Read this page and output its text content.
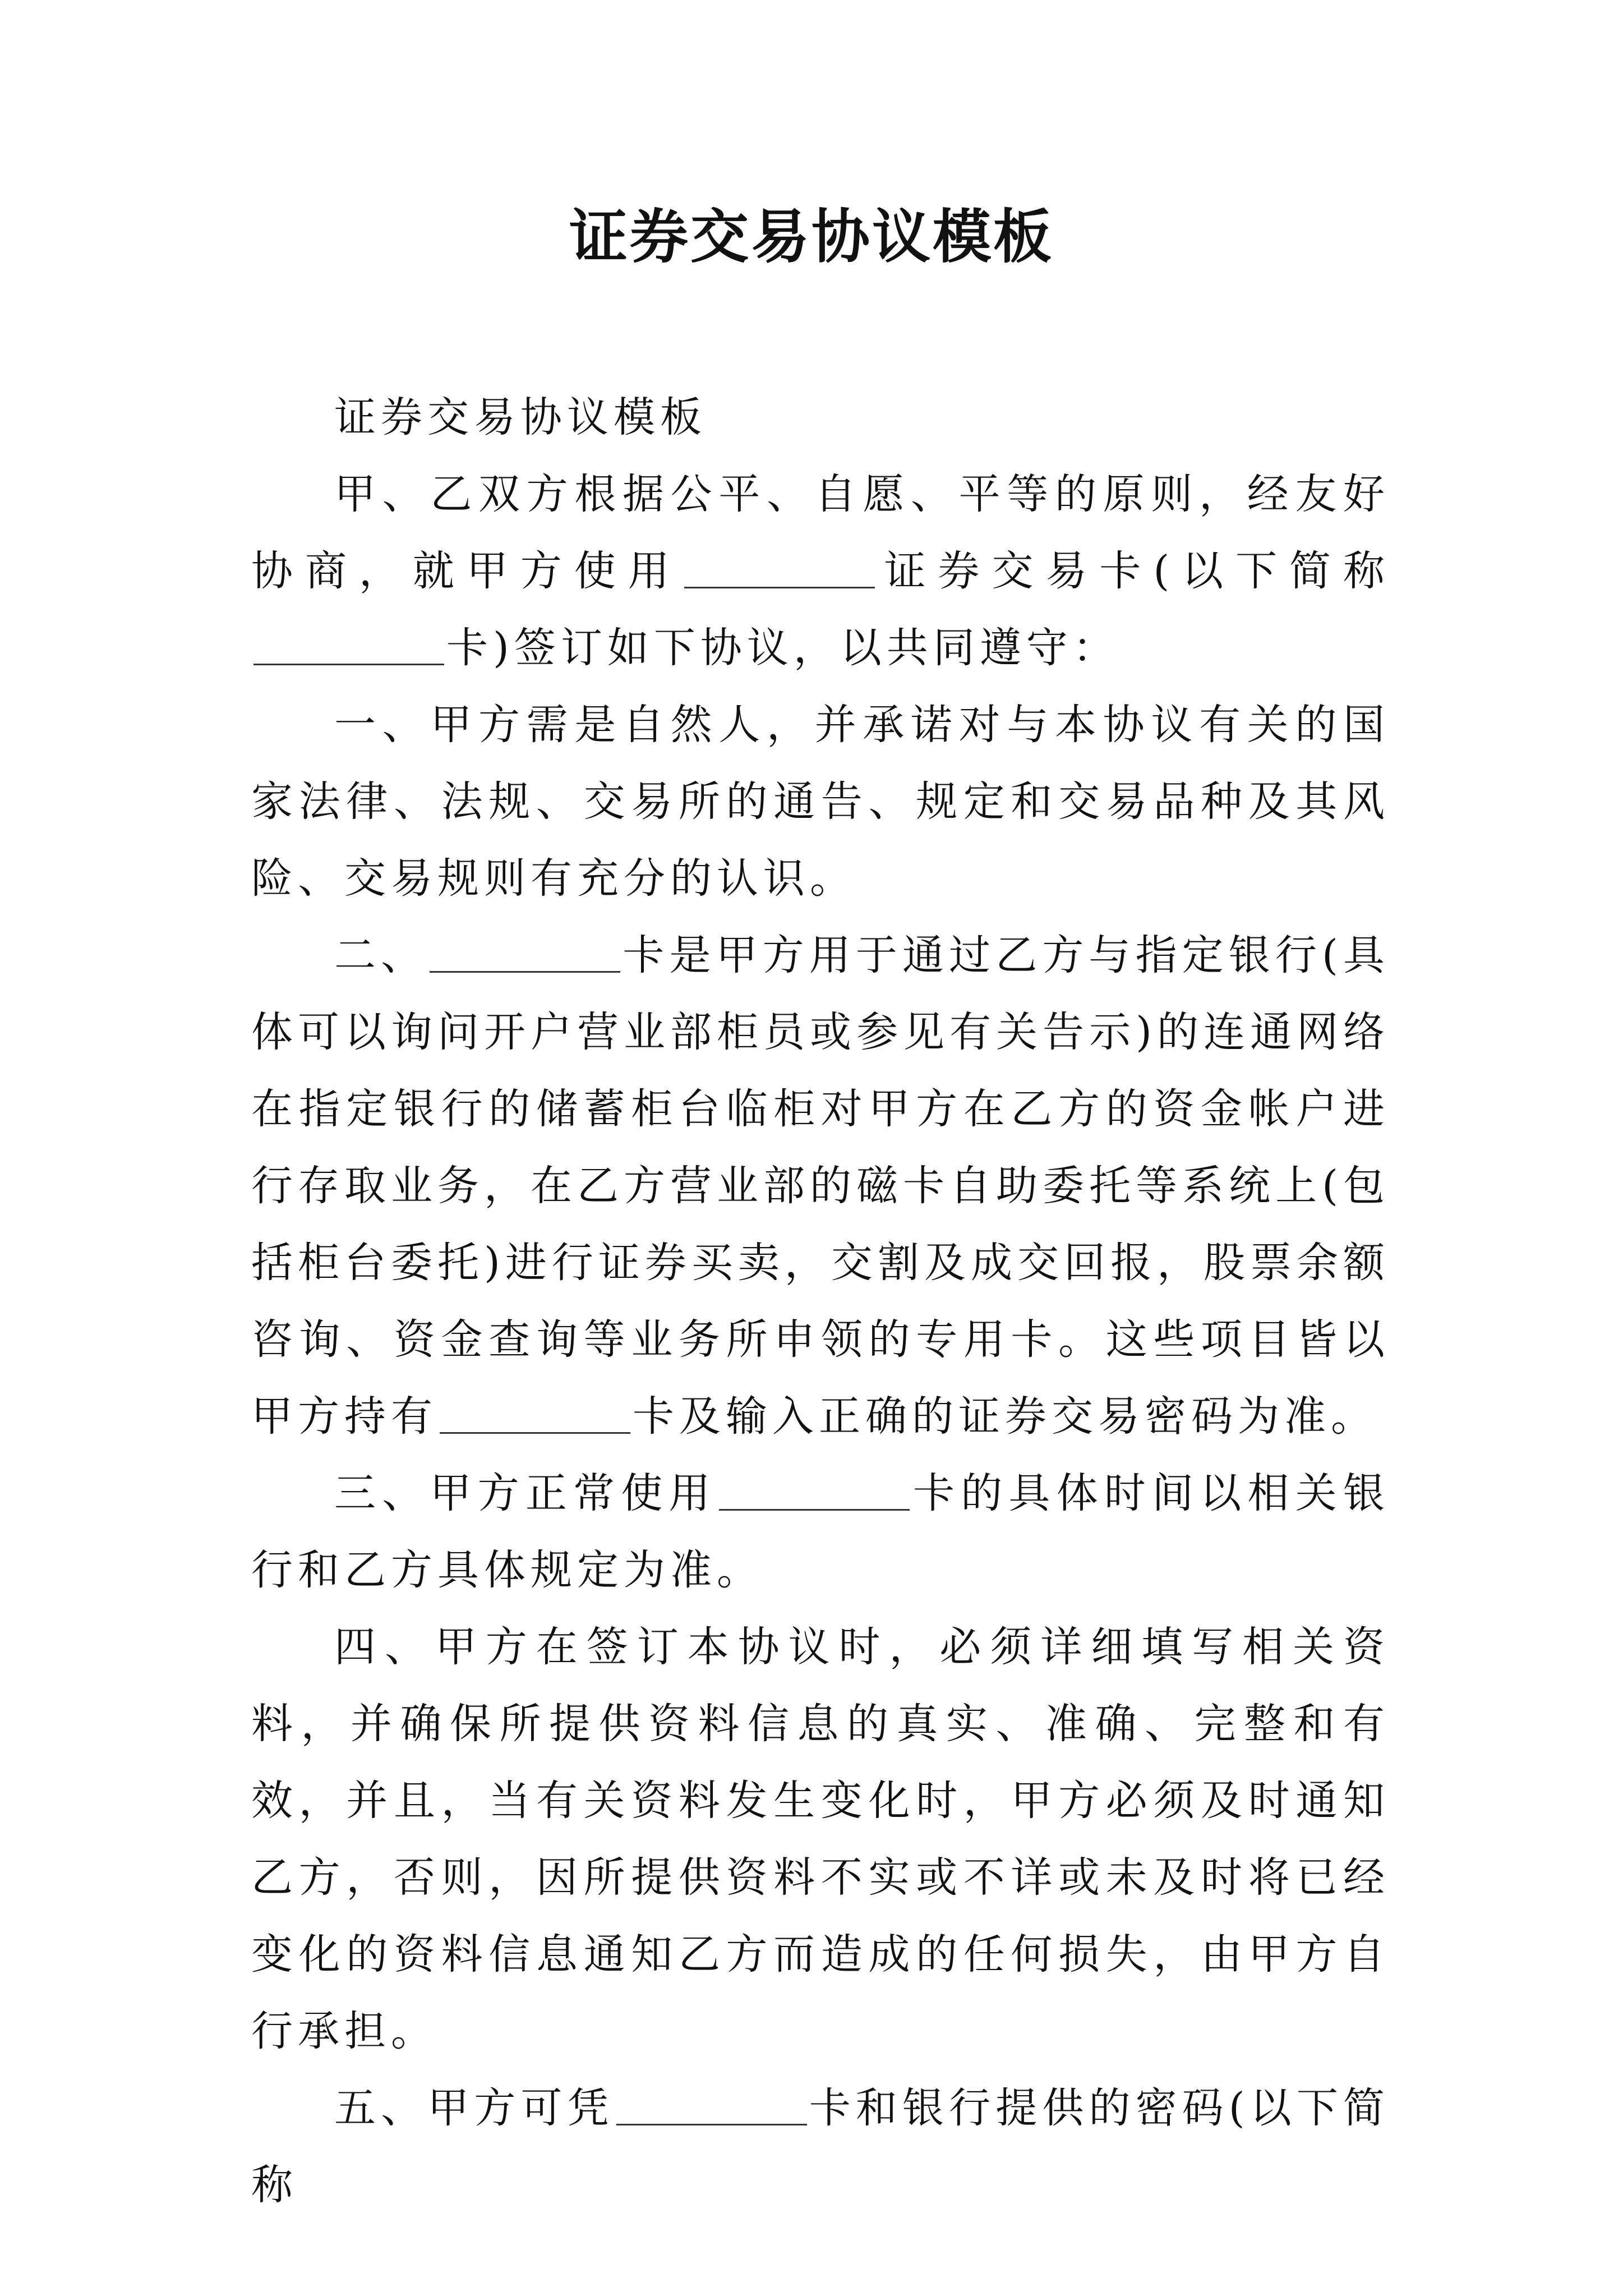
证券交易协议模板

证券交易协议模板

甲、乙双方根据公平、自愿、平等的原则，经友好协商，就甲方使用	证券交易卡(以下简称卡)签订如下协议，以共同遵守：

一、甲方需是自然人，并承诺对与本协议有关的国家法律、法规、交易所的通告、规定和交易品种及其风险、交易规则有充分的认识。

二、	卡是甲方用于通过乙方与指定银行(具体可以询问开户营业部柜员或参见有关告示)的连通网络在指定银行的储蓄柜台临柜对甲方在乙方的资金帐户进行存取业务，在乙方营业部的磁卡自助委托等系统上(包括柜台委托)进行证券买卖，交割及成交回报，股票余额咨询、资金查询等业务所申领的专用卡。这些项目皆以甲方持有	卡及输入正确的证券交易密码为准。

三、甲方正常使用	卡的具体时间以相关银行和乙方具体规定为准。

四、甲方在签订本协议时，必须详细填写相关资料，并确保所提供资料信息的真实、准确、完整和有效，并且，当有关资料发生变化时，甲方必须及时通知乙方，否则，因所提供资料不实或不详或未及时将已经变化的资料信息通知乙方而造成的任何损失，由甲方自行承担。

五、甲方可凭	卡和银行提供的密码(以下简称
